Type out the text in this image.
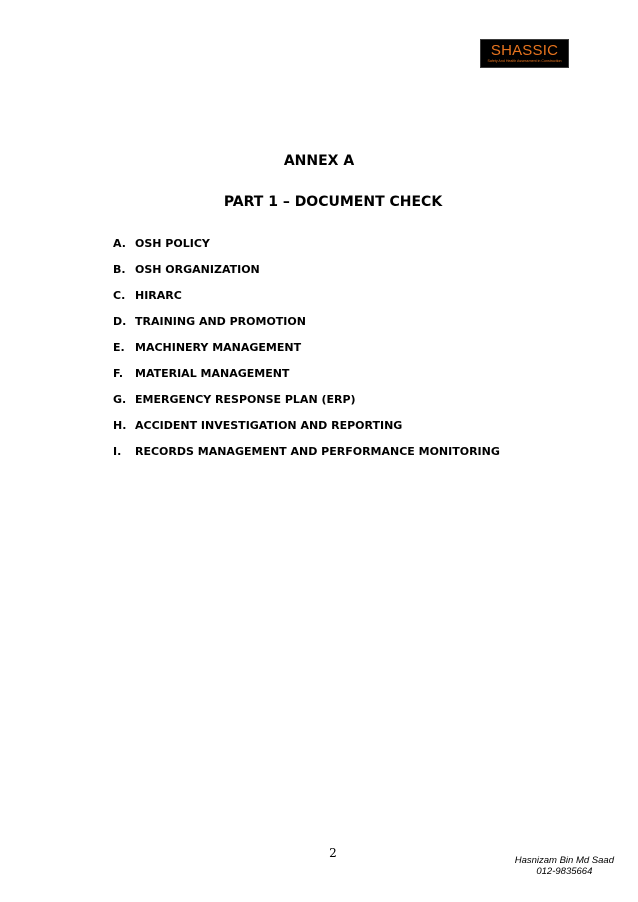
SHASSIC
Safety And Health Assessment in Construction
ANNEX A
PART 1 – DOCUMENT CHECK
A. OSH POLICY
B. OSH ORGANIZATION
C. HIRARC
D. TRAINING AND PROMOTION
E. MACHINERY MANAGEMENT
F. MATERIAL MANAGEMENT
G. EMERGENCY RESPONSE PLAN (ERP)
H. ACCIDENT INVESTIGATION AND REPORTING
I. RECORDS MANAGEMENT AND PERFORMANCE MONITORING
2
Hasnizam Bin Md Saad
012-9835664
